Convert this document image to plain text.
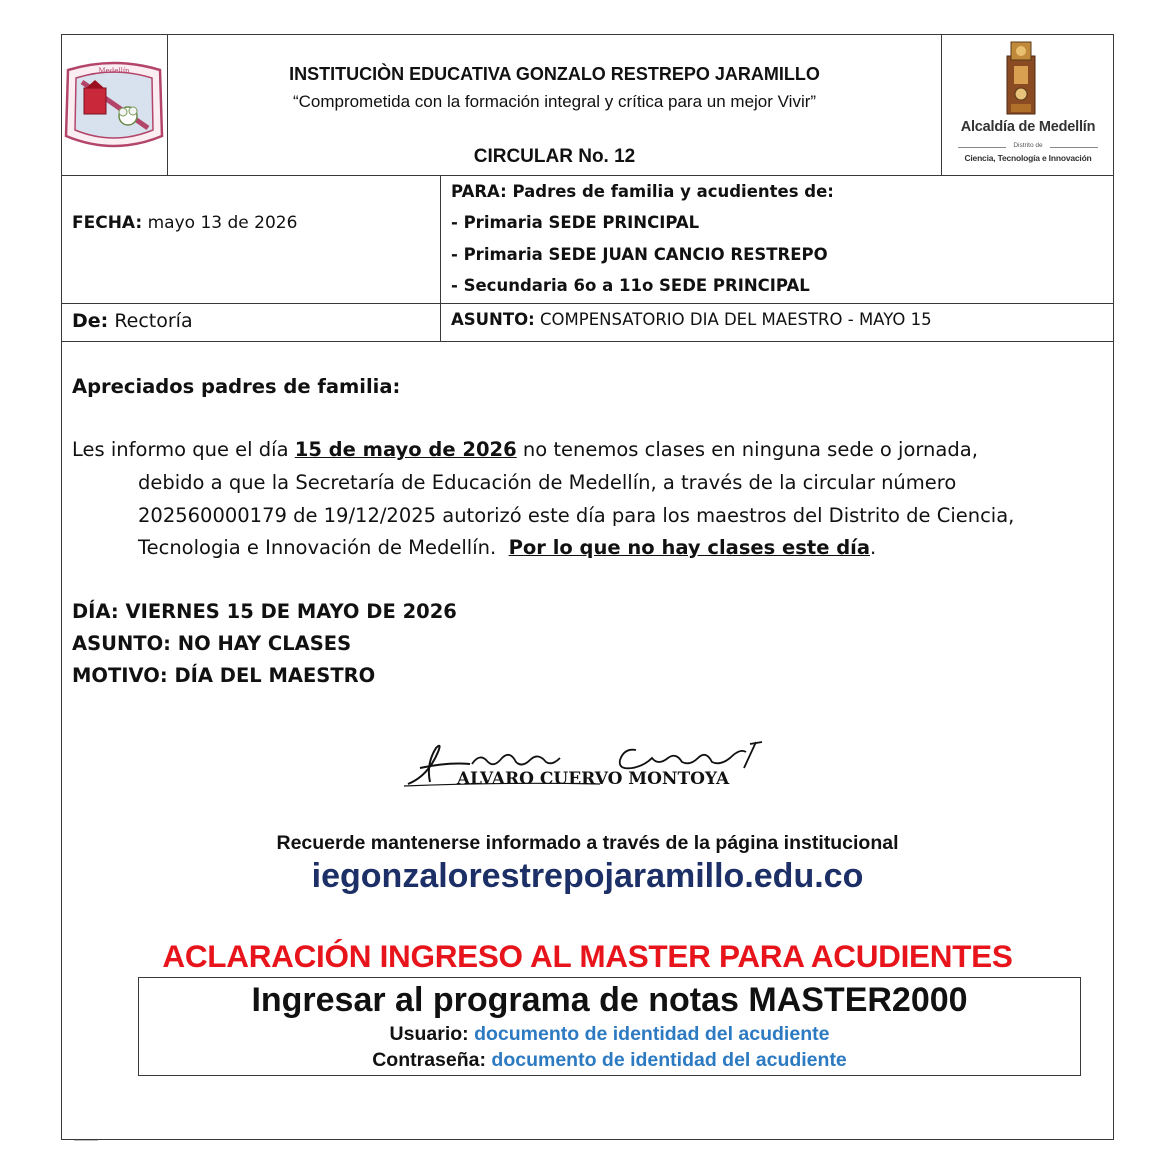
Medellín	INSTITUCIÒN EDUCATIVA GONZALO RESTREPO JARAMILLO
“Comprometida con la formación integral y crítica para un mejor Vivir”
CIRCULAR No. 12
Alcaldía de Medellín
Distrito de
Ciencia, Tecnología e Innovación
FECHA: mayo 13 de 2026
PARA: Padres de familia y acudientes de:
- Primaria SEDE PRINCIPAL
- Primaria SEDE JUAN CANCIO RESTREPO
- Secundaria 6o a 11o SEDE PRINCIPAL
De: Rectoría	ASUNTO: COMPENSATORIO DIA DEL MAESTRO - MAYO 15
Apreciados padres de familia:
Les informo que el día 15 de mayo de 2026 no tenemos clases en ninguna sede o jornada,
debido a que la Secretaría de Educación de Medellín, a través de la circular número
202560000179 de 19/12/2025 autorizó este día para los maestros del Distrito de Ciencia,
Tecnologia e Innovación de Medellín.  Por lo que no hay clases este día.
DÍA: VIERNES 15 DE MAYO DE 2026
ASUNTO: NO HAY CLASES
MOTIVO: DÍA DEL MAESTRO
ALVARO CUERVO MONTOYA
Recuerde mantenerse informado a través de la página institucional
iegonzalorestrepojaramillo.edu.co
ACLARACIÓN INGRESO AL MASTER PARA ACUDIENTES
Ingresar al programa de notas MASTER2000
Usuario: documento de identidad del acudiente
Contraseña: documento de identidad del acudiente
